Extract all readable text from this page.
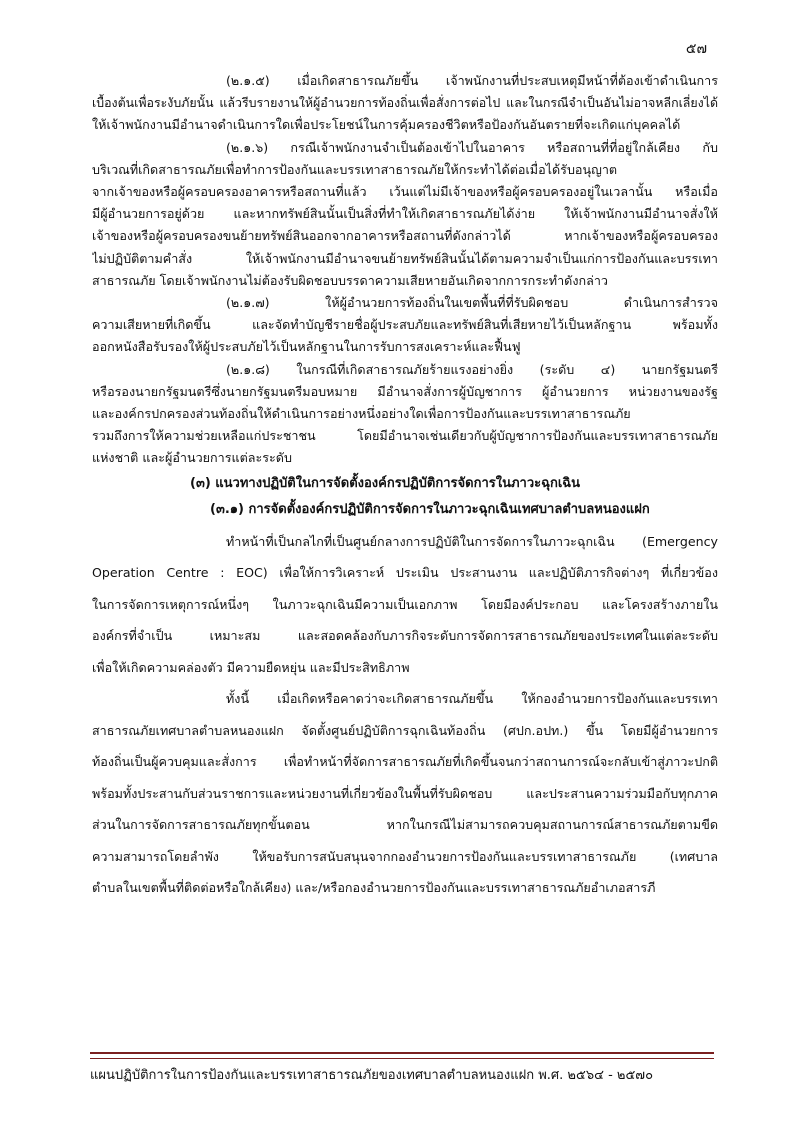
๕๗

(๒.๑.๕) เมื่อเกิดสาธารณภัยขึ้น เจ้าพนักงานที่ประสบเหตุมีหน้าที่ต้องเข้าดำเนินการ
เบื้องต้นเพื่อระงับภัยนั้น แล้วรีบรายงานให้ผู้อำนวยการท้องถิ่นเพื่อสั่งการต่อไป และในกรณีจำเป็นอันไม่อาจหลีกเลี่ยงได้
ให้เจ้าพนักงานมีอำนาจดำเนินการใดเพื่อประโยชน์ในการคุ้มครองชีวิตหรือป้องกันอันตรายที่จะเกิดแก่บุคคลได้

(๒.๑.๖) กรณีเจ้าพนักงานจำเป็นต้องเข้าไปในอาคาร หรือสถานที่ที่อยู่ใกล้เคียง กับ
บริเวณที่เกิดสาธารณภัยเพื่อทำการป้องกันและบรรเทาสาธารณภัยให้กระทำได้ต่อเมื่อได้รับอนุญาต
จากเจ้าของหรือผู้ครอบครองอาคารหรือสถานที่แล้ว เว้นแต่ไม่มีเจ้าของหรือผู้ครอบครองอยู่ในเวลานั้น หรือเมื่อ
มีผู้อำนวยการอยู่ด้วย และหากทรัพย์สินนั้นเป็นสิ่งที่ทำให้เกิดสาธารณภัยได้ง่าย ให้เจ้าพนักงานมีอำนาจสั่งให้
เจ้าของหรือผู้ครอบครองขนย้ายทรัพย์สินออกจากอาคารหรือสถานที่ดังกล่าวได้ หากเจ้าของหรือผู้ครอบครอง
ไม่ปฏิบัติตามคำสั่ง ให้เจ้าพนักงานมีอำนาจขนย้ายทรัพย์สินนั้นได้ตามความจำเป็นแก่การป้องกันและบรรเทา
สาธารณภัย โดยเจ้าพนักงานไม่ต้องรับผิดชอบบรรดาความเสียหายอันเกิดจากการกระทำดังกล่าว

(๒.๑.๗) ให้ผู้อำนวยการท้องถิ่นในเขตพื้นที่ที่รับผิดชอบ ดำเนินการสำรวจ
ความเสียหายที่เกิดขึ้น และจัดทำบัญชีรายชื่อผู้ประสบภัยและทรัพย์สินที่เสียหายไว้เป็นหลักฐาน พร้อมทั้ง
ออกหนังสือรับรองให้ผู้ประสบภัยไว้เป็นหลักฐานในการรับการสงเคราะห์และฟื้นฟู

(๒.๑.๘) ในกรณีที่เกิดสาธารณภัยร้ายแรงอย่างยิ่ง (ระดับ ๔) นายกรัฐมนตรี
หรือรองนายกรัฐมนตรีซึ่งนายกรัฐมนตรีมอบหมาย มีอำนาจสั่งการผู้บัญชาการ ผู้อำนวยการ หน่วยงานของรัฐ
และองค์กรปกครองส่วนท้องถิ่นให้ดำเนินการอย่างหนึ่งอย่างใดเพื่อการป้องกันและบรรเทาสาธารณภัย
รวมถึงการให้ความช่วยเหลือแก่ประชาชน โดยมีอำนาจเช่นเดียวกับผู้บัญชาการป้องกันและบรรเทาสาธารณภัย
แห่งชาติ และผู้อำนวยการแต่ละระดับ

(๓) แนวทางปฏิบัติในการจัดตั้งองค์กรปฏิบัติการจัดการในภาวะฉุกเฉิน
(๓.๑) การจัดตั้งองค์กรปฏิบัติการจัดการในภาวะฉุกเฉินเทศบาลตำบลหนองแฝก

ทำหน้าที่เป็นกลไกที่เป็นศูนย์กลางการปฏิบัติในการจัดการในภาวะฉุกเฉิน (Emergency
Operation Centre : EOC) เพื่อให้การวิเคราะห์ ประเมิน ประสานงาน และปฏิบัติภารกิจต่างๆ ที่เกี่ยวข้อง
ในการจัดการเหตุการณ์หนึ่งๆ ในภาวะฉุกเฉินมีความเป็นเอกภาพ โดยมีองค์ประกอบ และโครงสร้างภายใน
องค์กรที่จำเป็น เหมาะสม และสอดคล้องกับภารกิจระดับการจัดการสาธารณภัยของประเทศในแต่ละระดับ
เพื่อให้เกิดความคล่องตัว มีความยืดหยุ่น และมีประสิทธิภาพ

ทั้งนี้ เมื่อเกิดหรือคาดว่าจะเกิดสาธารณภัยขึ้น ให้กองอำนวยการป้องกันและบรรเทา
สาธารณภัยเทศบาลตำบลหนองแฝก จัดตั้งศูนย์ปฏิบัติการฉุกเฉินท้องถิ่น (ศปก.อปท.) ขึ้น โดยมีผู้อำนวยการ
ท้องถิ่นเป็นผู้ควบคุมและสั่งการ เพื่อทำหน้าที่จัดการสาธารณภัยที่เกิดขึ้นจนกว่าสถานการณ์จะกลับเข้าสู่ภาวะปกติ
พร้อมทั้งประสานกับส่วนราชการและหน่วยงานที่เกี่ยวข้องในพื้นที่รับผิดชอบ และประสานความร่วมมือกับทุกภาค
ส่วนในการจัดการสาธารณภัยทุกขั้นตอน หากในกรณีไม่สามารถควบคุมสถานการณ์สาธารณภัยตามขีด
ความสามารถโดยลำพัง ให้ขอรับการสนับสนุนจากกองอำนวยการป้องกันและบรรเทาสาธารณภัย (เทศบาล
ตำบลในเขตพื้นที่ติดต่อหรือใกล้เคียง) และ/หรือกองอำนวยการป้องกันและบรรเทาสาธารณภัยอำเภอสารภี

แผนปฏิบัติการในการป้องกันและบรรเทาสาธารณภัยของเทศบาลตำบลหนองแฝก พ.ศ. ๒๕๖๔ - ๒๕๗๐
